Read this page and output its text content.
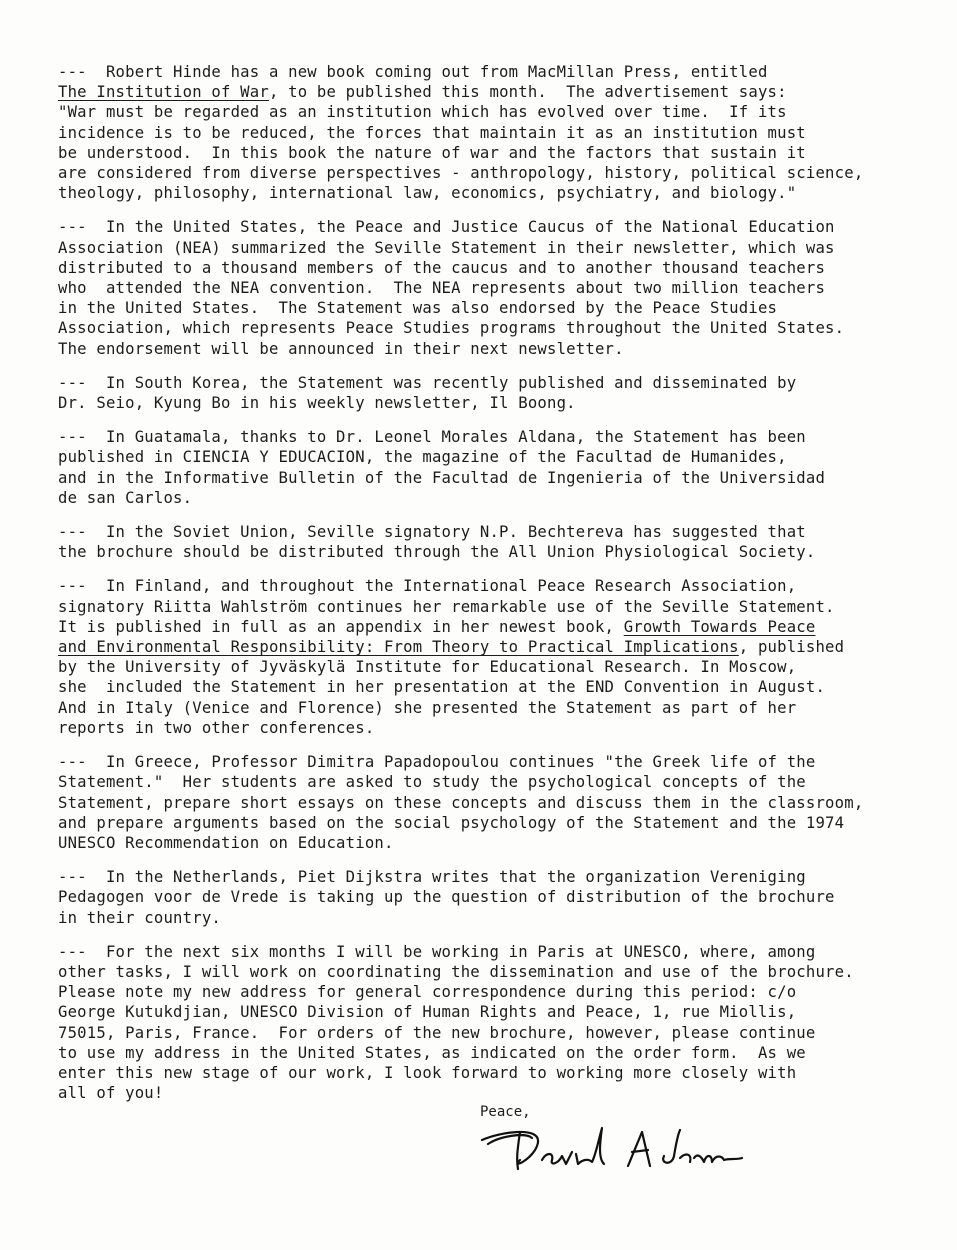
---  Robert Hinde has a new book coming out from MacMillan Press, entitled
The Institution of War, to be published this month.  The advertisement says:
"War must be regarded as an institution which has evolved over time.  If its
incidence is to be reduced, the forces that maintain it as an institution must
be understood.  In this book the nature of war and the factors that sustain it
are considered from diverse perspectives - anthropology, history, political science,
theology, philosophy, international law, economics, psychiatry, and biology."
---  In the United States, the Peace and Justice Caucus of the National Education
Association (NEA) summarized the Seville Statement in their newsletter, which was
distributed to a thousand members of the caucus and to another thousand teachers
who  attended the NEA convention.  The NEA represents about two million teachers
in the United States.  The Statement was also endorsed by the Peace Studies
Association, which represents Peace Studies programs throughout the United States.
The endorsement will be announced in their next newsletter.
---  In South Korea, the Statement was recently published and disseminated by
Dr. Seio, Kyung Bo in his weekly newsletter, Il Boong.
---  In Guatamala, thanks to Dr. Leonel Morales Aldana, the Statement has been
published in CIENCIA Y EDUCACION, the magazine of the Facultad de Humanides,
and in the Informative Bulletin of the Facultad de Ingenieria of the Universidad
de san Carlos.
---  In the Soviet Union, Seville signatory N.P. Bechtereva has suggested that
the brochure should be distributed through the All Union Physiological Society.
---  In Finland, and throughout the International Peace Research Association,
signatory Riitta Wahlström continues her remarkable use of the Seville Statement.
It is published in full as an appendix in her newest book, Growth Towards Peace
and Environmental Responsibility: From Theory to Practical Implications, published
by the University of Jyväskylä Institute for Educational Research. In Moscow,
she  included the Statement in her presentation at the END Convention in August.
And in Italy (Venice and Florence) she presented the Statement as part of her
reports in two other conferences.
---  In Greece, Professor Dimitra Papadopoulou continues "the Greek life of the
Statement."  Her students are asked to study the psychological concepts of the
Statement, prepare short essays on these concepts and discuss them in the classroom,
and prepare arguments based on the social psychology of the Statement and the 1974
UNESCO Recommendation on Education.
---  In the Netherlands, Piet Dijkstra writes that the organization Vereniging
Pedagogen voor de Vrede is taking up the question of distribution of the brochure
in their country.
---  For the next six months I will be working in Paris at UNESCO, where, among
other tasks, I will work on coordinating the dissemination and use of the brochure.
Please note my new address for general correspondence during this period: c/o
George Kutukdjian, UNESCO Division of Human Rights and Peace, 1, rue Miollis,
75015, Paris, France.  For orders of the new brochure, however, please continue
to use my address in the United States, as indicated on the order form.  As we
enter this new stage of our work, I look forward to working more closely with
all of you!
Peace,
